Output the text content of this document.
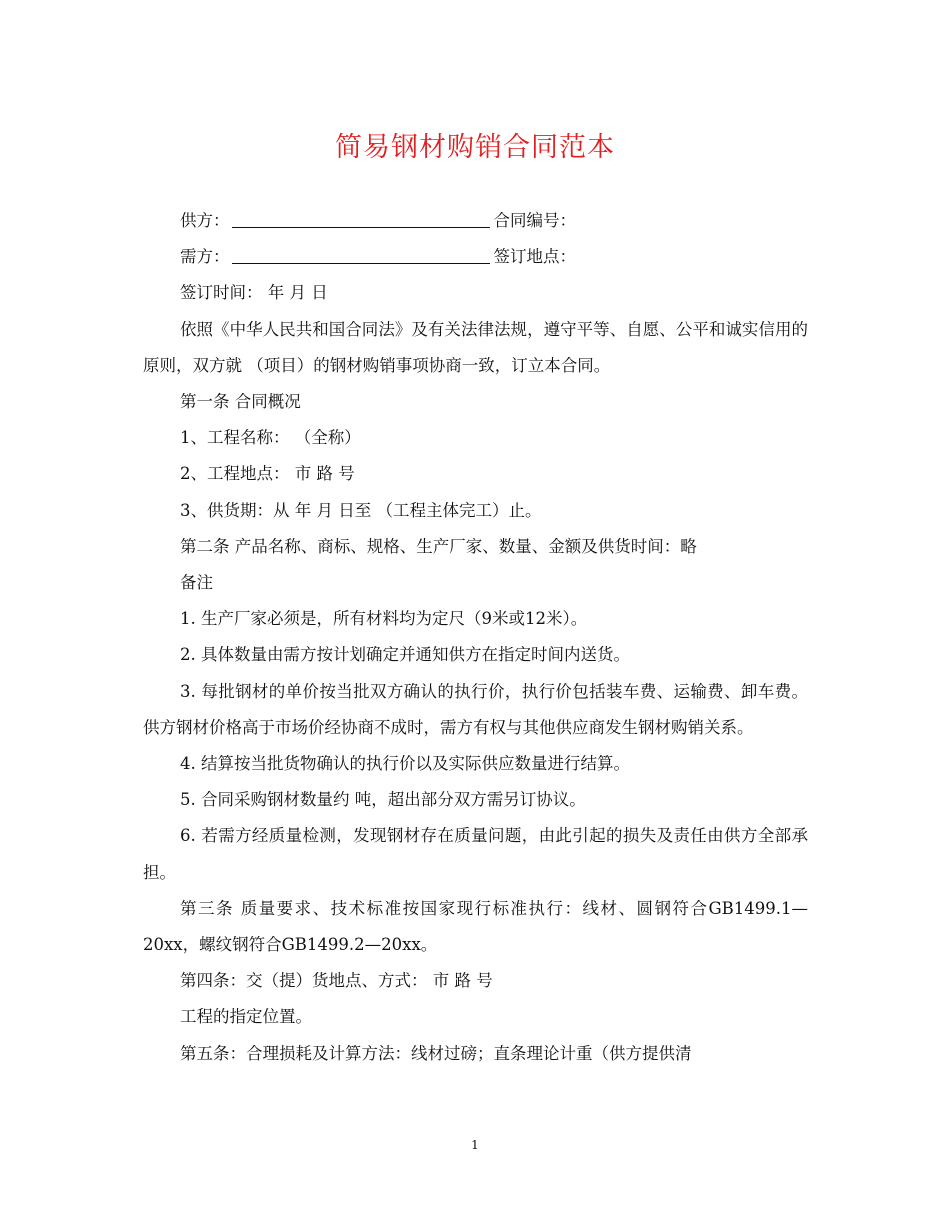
简易钢材购销合同范本

供方：	合同编号：

需方：	签订地点：

签订时间： 年 月 日

依照《中华人民共和国合同法》及有关法律法规，遵守平等、自愿、公平和诚实信用的原则，双方就 （项目）的钢材购销事项协商一致，订立本合同。

第一条 合同概况

1、工程名称： （全称）

2、工程地点： 市 路 号

3、供货期：从 年 月 日至 （工程主体完工）止。

第二条 产品名称、商标、规格、生产厂家、数量、金额及供货时间：略

备注

1. 生产厂家必须是，所有材料均为定尺（9米或12米）。

2. 具体数量由需方按计划确定并通知供方在指定时间内送货。

3. 每批钢材的单价按当批双方确认的执行价，执行价包括装车费、运输费、卸车费。供方钢材价格高于市场价经协商不成时，需方有权与其他供应商发生钢材购销关系。

4. 结算按当批货物确认的执行价以及实际供应数量进行结算。

5. 合同采购钢材数量约 吨，超出部分双方需另订协议。

6. 若需方经质量检测，发现钢材存在质量问题，由此引起的损失及责任由供方全部承担。

第三条 质量要求、技术标准按国家现行标准执行：线材、圆钢符合GB1499.1—20xx，螺纹钢符合GB1499.2—20xx。

第四条：交（提）货地点、方式： 市 路 号

工程的指定位置。

第五条：合理损耗及计算方法：线材过磅；直条理论计重（供方提供清

1
